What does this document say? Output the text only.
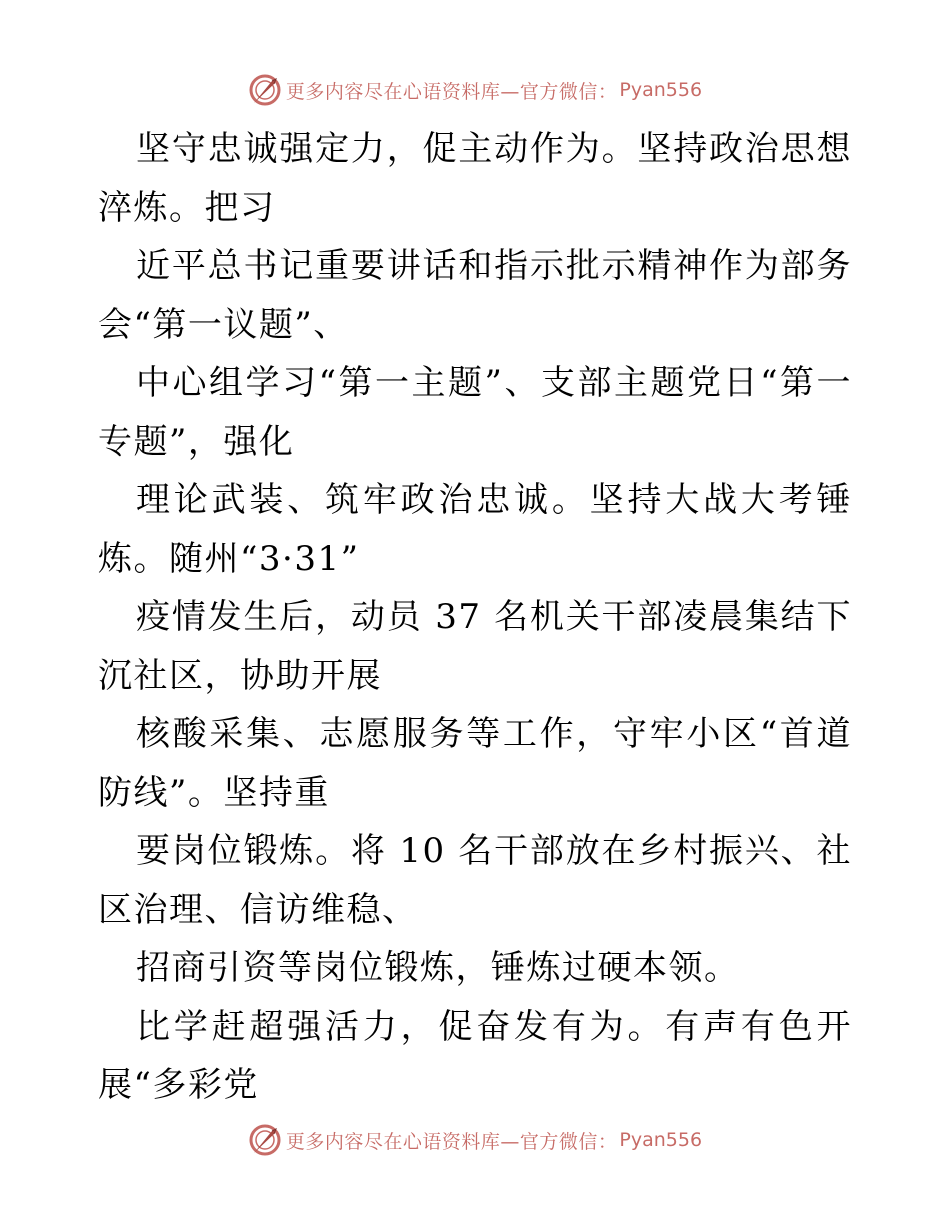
更多内容尽在心语资料库—官方微信： Pyan556

坚守忠诚强定力，促主动作为。坚持政治思想淬炼。把习

近平总书记重要讲话和指示批示精神作为部务会“第一议题”、

中心组学习“第一主题”、支部主题党日“第一专题”，强化

理论武装、筑牢政治忠诚。坚持大战大考锤炼。随州“3·31”

疫情发生后，动员 37 名机关干部凌晨集结下沉社区，协助开展

核酸采集、志愿服务等工作，守牢小区“首道防线”。坚持重

要岗位锻炼。将 10 名干部放在乡村振兴、社区治理、信访维稳、

招商引资等岗位锻炼，锤炼过硬本领。

比学赶超强活力，促奋发有为。有声有色开展“多彩党

更多内容尽在心语资料库—官方微信： Pyan556
